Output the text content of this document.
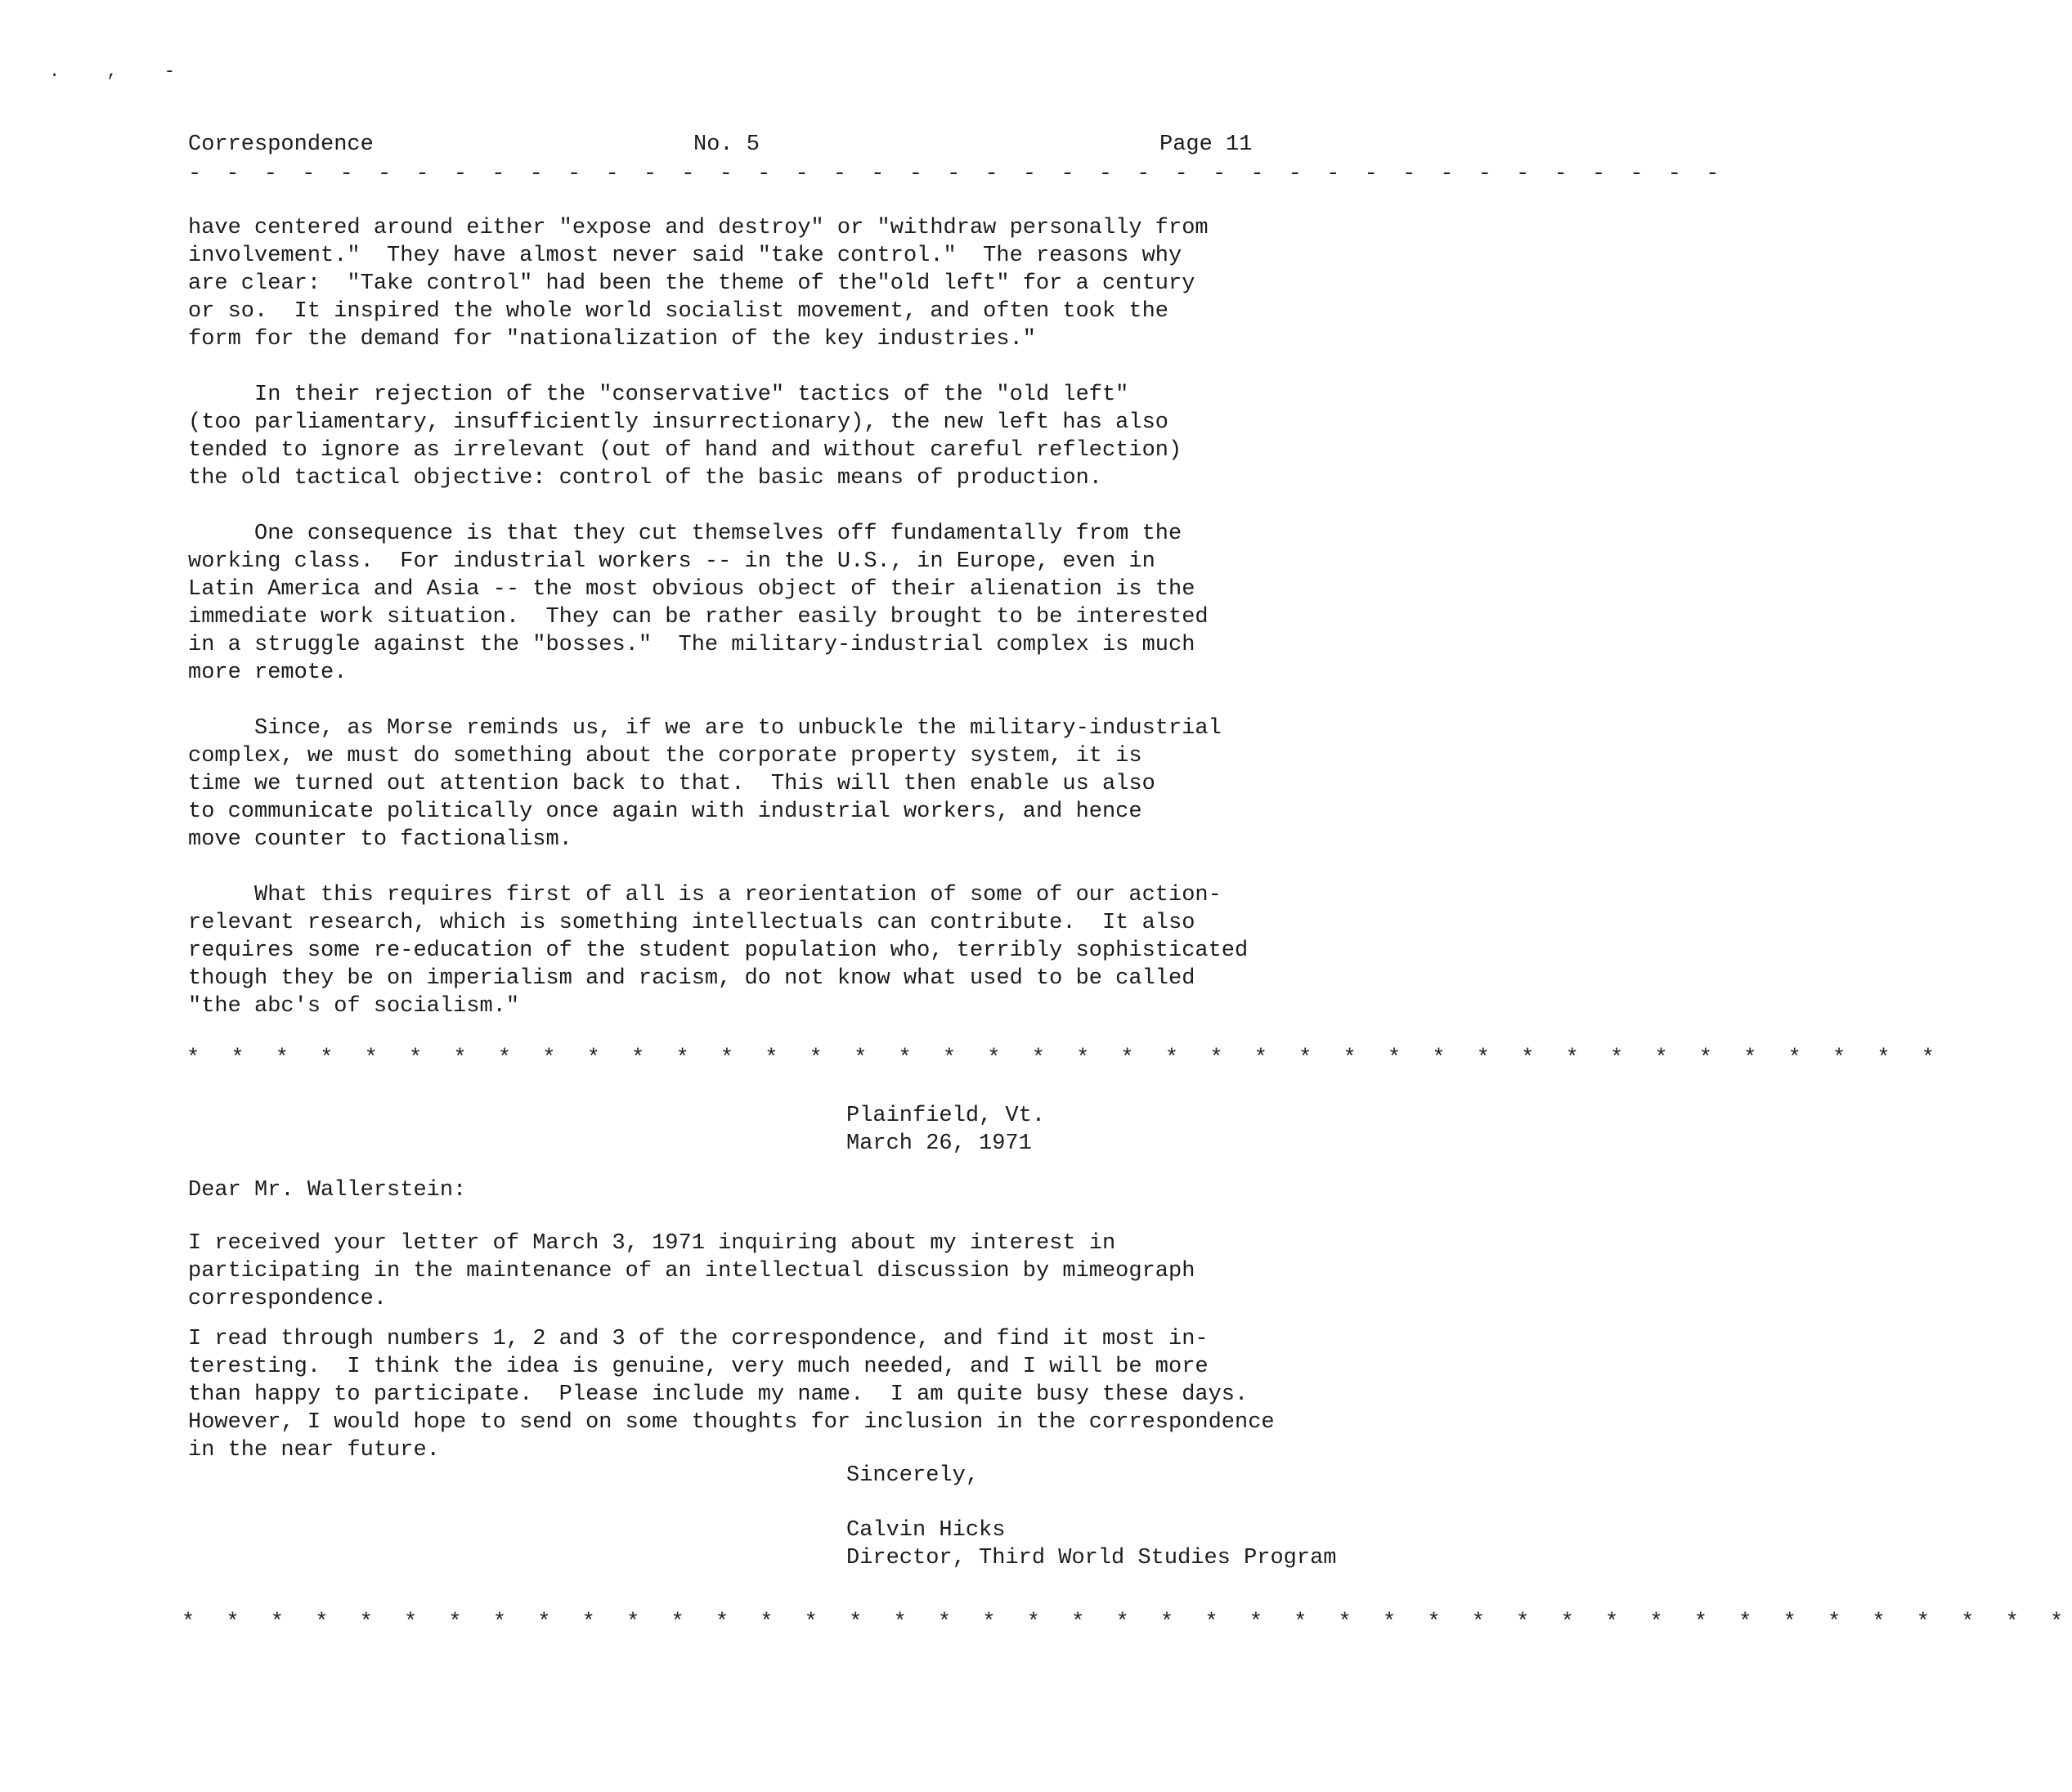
. , -
Correspondence	No. 5	Page 11
- - - - - - - - - - - - - - - - - - - - - - - - - - - - - - - - - - - - - - - - -

have centered around either "expose and destroy" or "withdraw personally from
involvement."  They have almost never said "take control."  The reasons why
are clear:  "Take control" had been the theme of the"old left" for a century
or so.  It inspired the whole world socialist movement, and often took the
form for the demand for "nationalization of the key industries."

In their rejection of the "conservative" tactics of the "old left"
(too parliamentary, insufficiently insurrectionary), the new left has also
tended to ignore as irrelevant (out of hand and without careful reflection)
the old tactical objective: control of the basic means of production.

One consequence is that they cut themselves off fundamentally from the
working class.  For industrial workers -- in the U.S., in Europe, even in
Latin America and Asia -- the most obvious object of their alienation is the
immediate work situation.  They can be rather easily brought to be interested
in a struggle against the "bosses."  The military-industrial complex is much
more remote.

Since, as Morse reminds us, if we are to unbuckle the military-industrial
complex, we must do something about the corporate property system, it is
time we turned out attention back to that.  This will then enable us also
to communicate politically once again with industrial workers, and hence
move counter to factionalism.

What this requires first of all is a reorientation of some of our action-
relevant research, which is something intellectuals can contribute.  It also
requires some re-education of the student population who, terribly sophisticated
though they be on imperialism and racism, do not know what used to be called
"the abc's of socialism."

* * * * * * * * * * * * * * * * * * * * * * * * * * * * * * * * * * * * * * * *
Plainfield, Vt.
March 26, 1971
Dear Mr. Wallerstein:
I received your letter of March 3, 1971 inquiring about my interest in
participating in the maintenance of an intellectual discussion by mimeograph
correspondence.
I read through numbers 1, 2 and 3 of the correspondence, and find it most in-
teresting.  I think the idea is genuine, very much needed, and I will be more
than happy to participate.  Please include my name.  I am quite busy these days.
However, I would hope to send on some thoughts for inclusion in the correspondence
in the near future.
Sincerely,
Calvin Hicks
Director, Third World Studies Program
* * * * * * * * * * * * * * * * * * * * * * * * * * * * * * * * * * * * * * * * * * *
